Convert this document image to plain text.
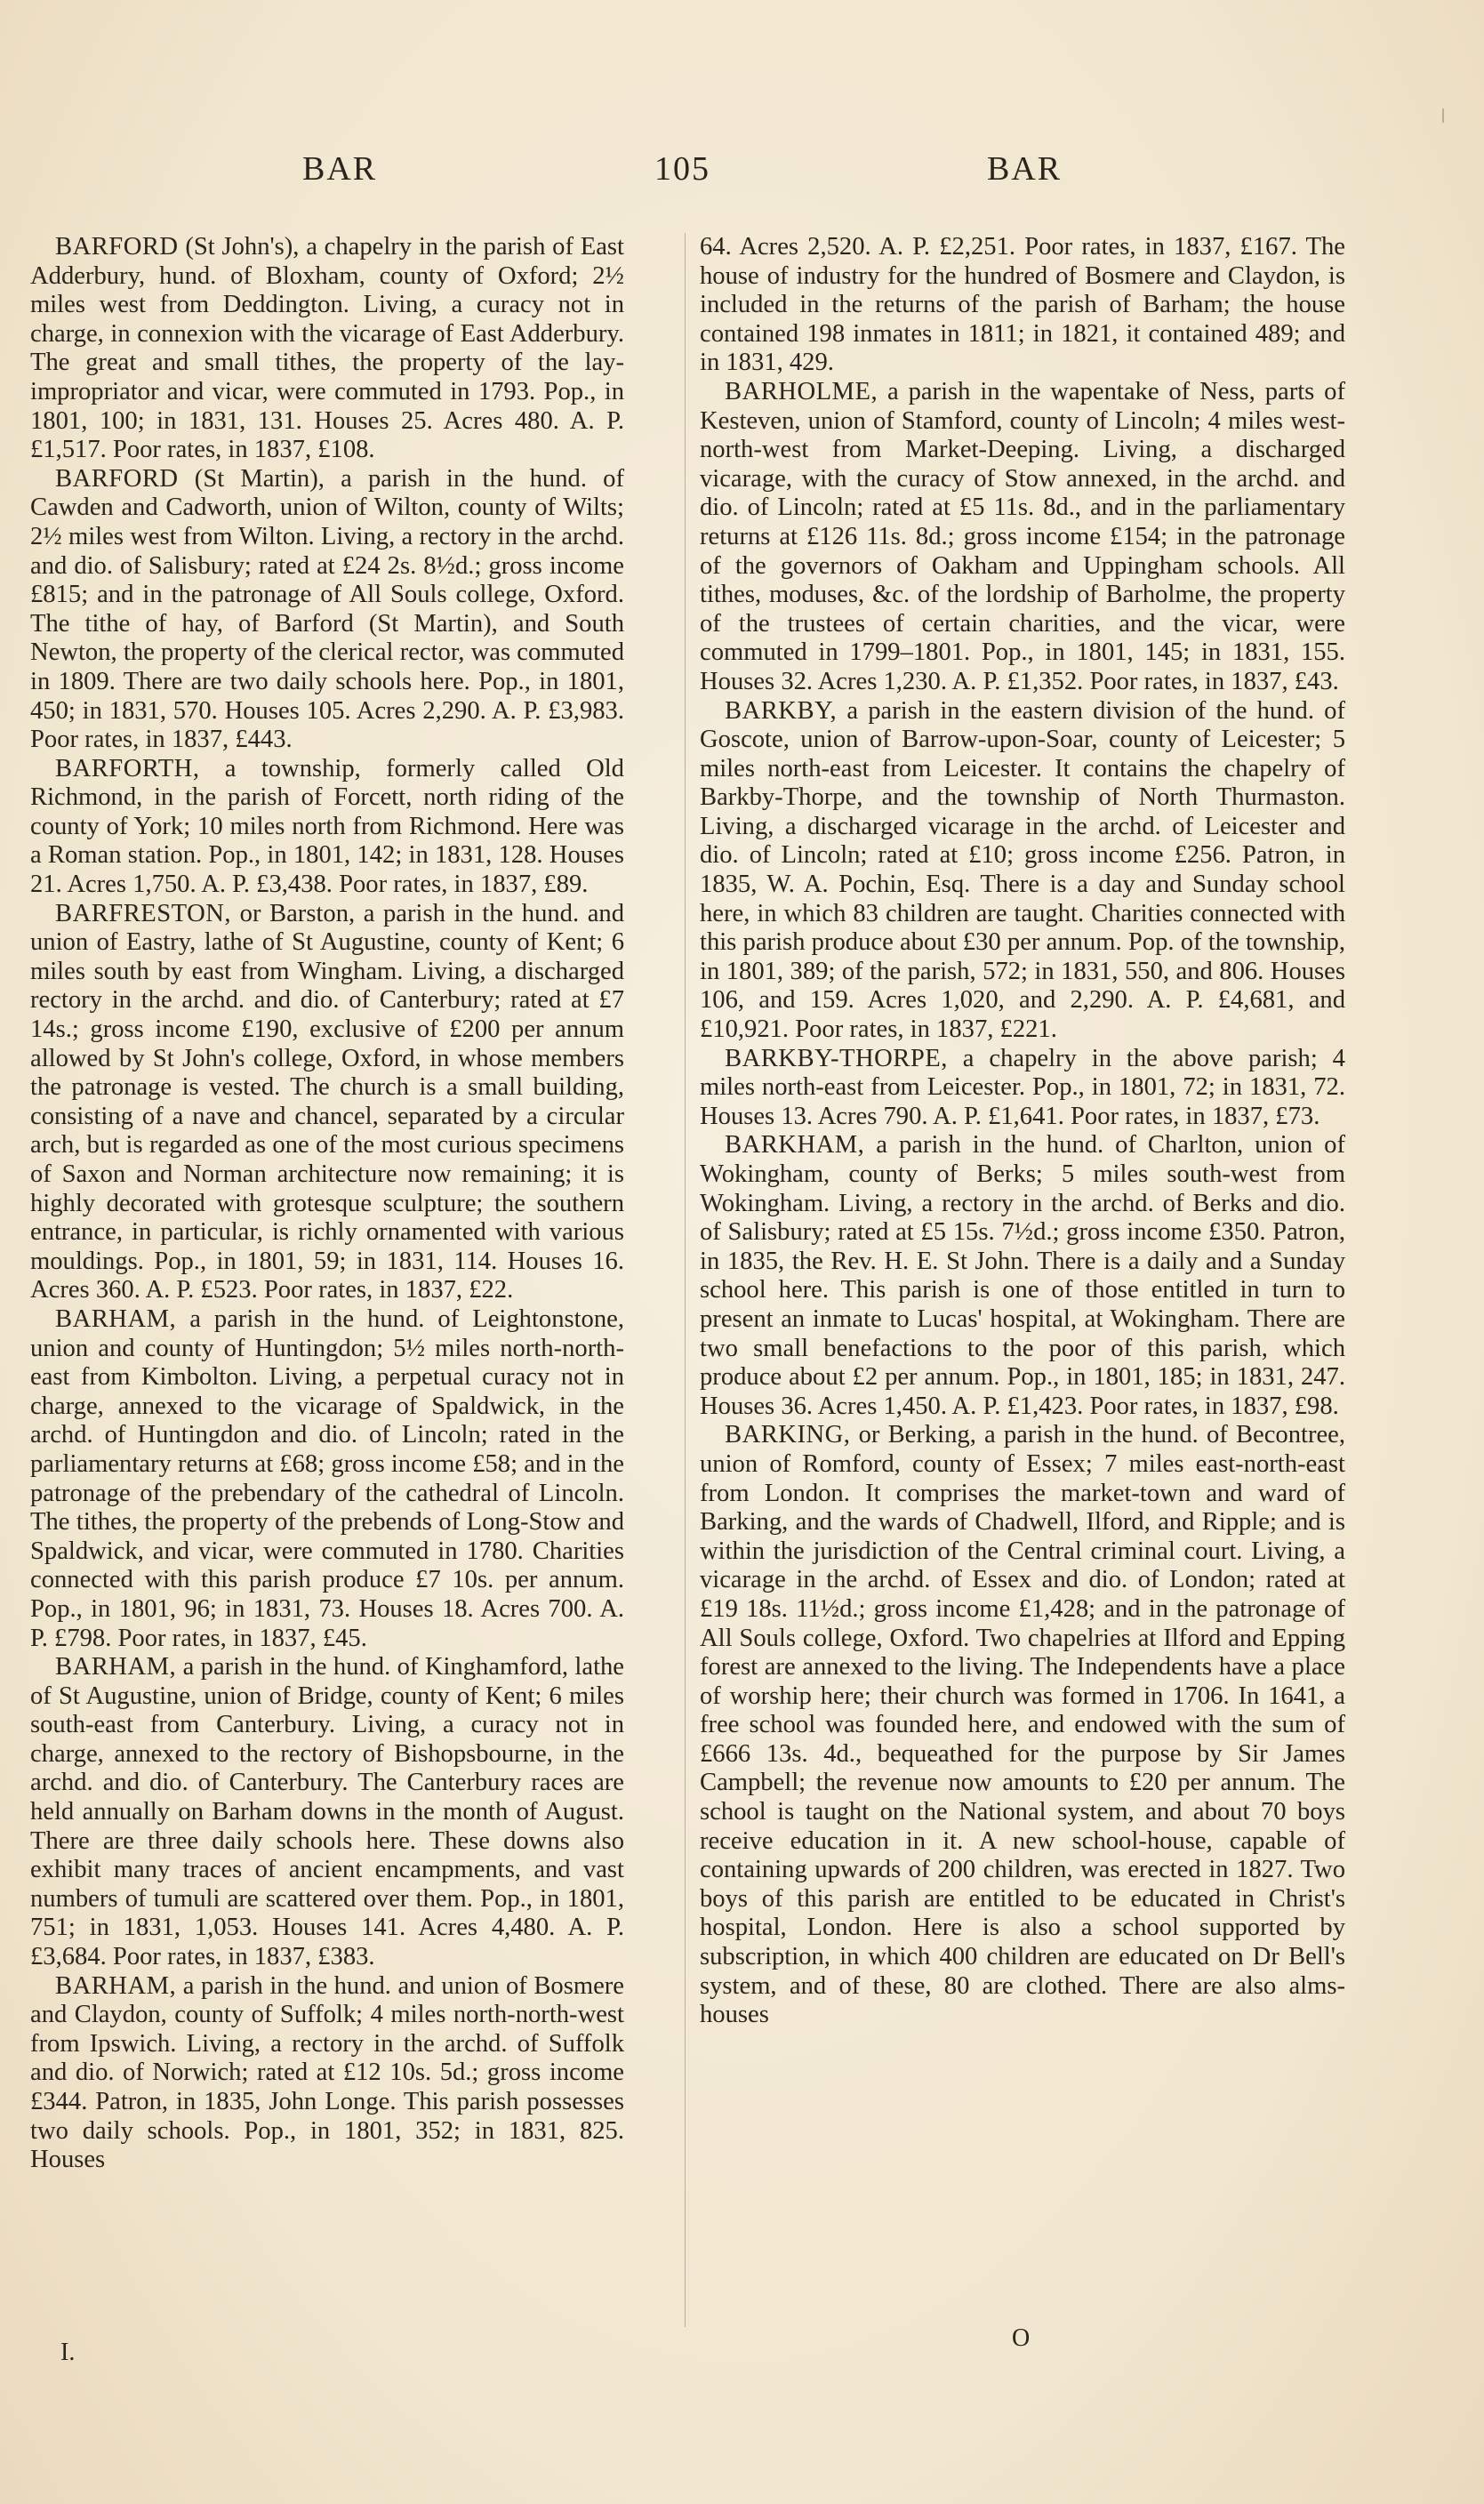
BAR	105	BAR

BARFORD (St John's), a chapelry in the parish of East Adderbury, hund. of Bloxham, county of Oxford; 2½ miles west from Deddington. Living, a curacy not in charge, in connexion with the vicarage of East Adderbury. The great and small tithes, the property of the lay-impropriator and vicar, were commuted in 1793. Pop., in 1801, 100; in 1831, 131. Houses 25. Acres 480. A. P. £1,517. Poor rates, in 1837, £108.

BARFORD (St Martin), a parish in the hund. of Cawden and Cadworth, union of Wilton, county of Wilts; 2½ miles west from Wilton. Living, a rectory in the archd. and dio. of Salisbury; rated at £24 2s. 8½d.; gross income £815; and in the patronage of All Souls college, Oxford. The tithe of hay, of Barford (St Martin), and South Newton, the property of the clerical rector, was commuted in 1809. There are two daily schools here. Pop., in 1801, 450; in 1831, 570. Houses 105. Acres 2,290. A. P. £3,983. Poor rates, in 1837, £443.

BARFORTH, a township, formerly called Old Richmond, in the parish of Forcett, north riding of the county of York; 10 miles north from Richmond. Here was a Roman station. Pop., in 1801, 142; in 1831, 128. Houses 21. Acres 1,750. A. P. £3,438. Poor rates, in 1837, £89.

BARFRESTON, or Barston, a parish in the hund. and union of Eastry, lathe of St Augustine, county of Kent; 6 miles south by east from Wingham. Living, a discharged rectory in the archd. and dio. of Canterbury; rated at £7 14s.; gross income £190, exclusive of £200 per annum allowed by St John's college, Oxford, in whose members the patronage is vested. The church is a small building, consisting of a nave and chancel, separated by a circular arch, but is regarded as one of the most curious specimens of Saxon and Norman architecture now remaining; it is highly decorated with grotesque sculpture; the southern entrance, in particular, is richly ornamented with various mouldings. Pop., in 1801, 59; in 1831, 114. Houses 16. Acres 360. A. P. £523. Poor rates, in 1837, £22.

BARHAM, a parish in the hund. of Leightonstone, union and county of Huntingdon; 5½ miles north-north-east from Kimbolton. Living, a perpetual curacy not in charge, annexed to the vicarage of Spaldwick, in the archd. of Huntingdon and dio. of Lincoln; rated in the parliamentary returns at £68; gross income £58; and in the patronage of the prebendary of the cathedral of Lincoln. The tithes, the property of the prebends of Long-Stow and Spaldwick, and vicar, were commuted in 1780. Charities connected with this parish produce £7 10s. per annum. Pop., in 1801, 96; in 1831, 73. Houses 18. Acres 700. A. P. £798. Poor rates, in 1837, £45.

BARHAM, a parish in the hund. of Kinghamford, lathe of St Augustine, union of Bridge, county of Kent; 6 miles south-east from Canterbury. Living, a curacy not in charge, annexed to the rectory of Bishopsbourne, in the archd. and dio. of Canterbury. The Canterbury races are held annually on Barham downs in the month of August. There are three daily schools here. These downs also exhibit many traces of ancient encampments, and vast numbers of tumuli are scattered over them. Pop., in 1801, 751; in 1831, 1,053. Houses 141. Acres 4,480. A. P. £3,684. Poor rates, in 1837, £383.

BARHAM, a parish in the hund. and union of Bosmere and Claydon, county of Suffolk; 4 miles north-north-west from Ipswich. Living, a rectory in the archd. of Suffolk and dio. of Norwich; rated at £12 10s. 5d.; gross income £344. Patron, in 1835, John Longe. This parish possesses two daily schools. Pop., in 1801, 352; in 1831, 825. Houses

64. Acres 2,520. A. P. £2,251. Poor rates, in 1837, £167. The house of industry for the hundred of Bosmere and Claydon, is included in the returns of the parish of Barham; the house contained 198 inmates in 1811; in 1821, it contained 489; and in 1831, 429.

BARHOLME, a parish in the wapentake of Ness, parts of Kesteven, union of Stamford, county of Lincoln; 4 miles west-north-west from Market-Deeping. Living, a discharged vicarage, with the curacy of Stow annexed, in the archd. and dio. of Lincoln; rated at £5 11s. 8d., and in the parliamentary returns at £126 11s. 8d.; gross income £154; in the patronage of the governors of Oakham and Uppingham schools. All tithes, moduses, &c. of the lordship of Barholme, the property of the trustees of certain charities, and the vicar, were commuted in 1799–1801. Pop., in 1801, 145; in 1831, 155. Houses 32. Acres 1,230. A. P. £1,352. Poor rates, in 1837, £43.

BARKBY, a parish in the eastern division of the hund. of Goscote, union of Barrow-upon-Soar, county of Leicester; 5 miles north-east from Leicester. It contains the chapelry of Barkby-Thorpe, and the township of North Thurmaston. Living, a discharged vicarage in the archd. of Leicester and dio. of Lincoln; rated at £10; gross income £256. Patron, in 1835, W. A. Pochin, Esq. There is a day and Sunday school here, in which 83 children are taught. Charities connected with this parish produce about £30 per annum. Pop. of the township, in 1801, 389; of the parish, 572; in 1831, 550, and 806. Houses 106, and 159. Acres 1,020, and 2,290. A. P. £4,681, and £10,921. Poor rates, in 1837, £221.

BARKBY-THORPE, a chapelry in the above parish; 4 miles north-east from Leicester. Pop., in 1801, 72; in 1831, 72. Houses 13. Acres 790. A. P. £1,641. Poor rates, in 1837, £73.

BARKHAM, a parish in the hund. of Charlton, union of Wokingham, county of Berks; 5 miles south-west from Wokingham. Living, a rectory in the archd. of Berks and dio. of Salisbury; rated at £5 15s. 7½d.; gross income £350. Patron, in 1835, the Rev. H. E. St John. There is a daily and a Sunday school here. This parish is one of those entitled in turn to present an inmate to Lucas' hospital, at Wokingham. There are two small benefactions to the poor of this parish, which produce about £2 per annum. Pop., in 1801, 185; in 1831, 247. Houses 36. Acres 1,450. A. P. £1,423. Poor rates, in 1837, £98.

BARKING, or Berking, a parish in the hund. of Becontree, union of Romford, county of Essex; 7 miles east-north-east from London. It comprises the market-town and ward of Barking, and the wards of Chadwell, Ilford, and Ripple; and is within the jurisdiction of the Central criminal court. Living, a vicarage in the archd. of Essex and dio. of London; rated at £19 18s. 11½d.; gross income £1,428; and in the patronage of All Souls college, Oxford. Two chapelries at Ilford and Epping forest are annexed to the living. The Independents have a place of worship here; their church was formed in 1706. In 1641, a free school was founded here, and endowed with the sum of £666 13s. 4d., bequeathed for the purpose by Sir James Campbell; the revenue now amounts to £20 per annum. The school is taught on the National system, and about 70 boys receive education in it. A new school-house, capable of containing upwards of 200 children, was erected in 1827. Two boys of this parish are entitled to be educated in Christ's hospital, London. Here is also a school supported by subscription, in which 400 children are educated on Dr Bell's system, and of these, 80 are clothed. There are also alms-houses

I.
O
